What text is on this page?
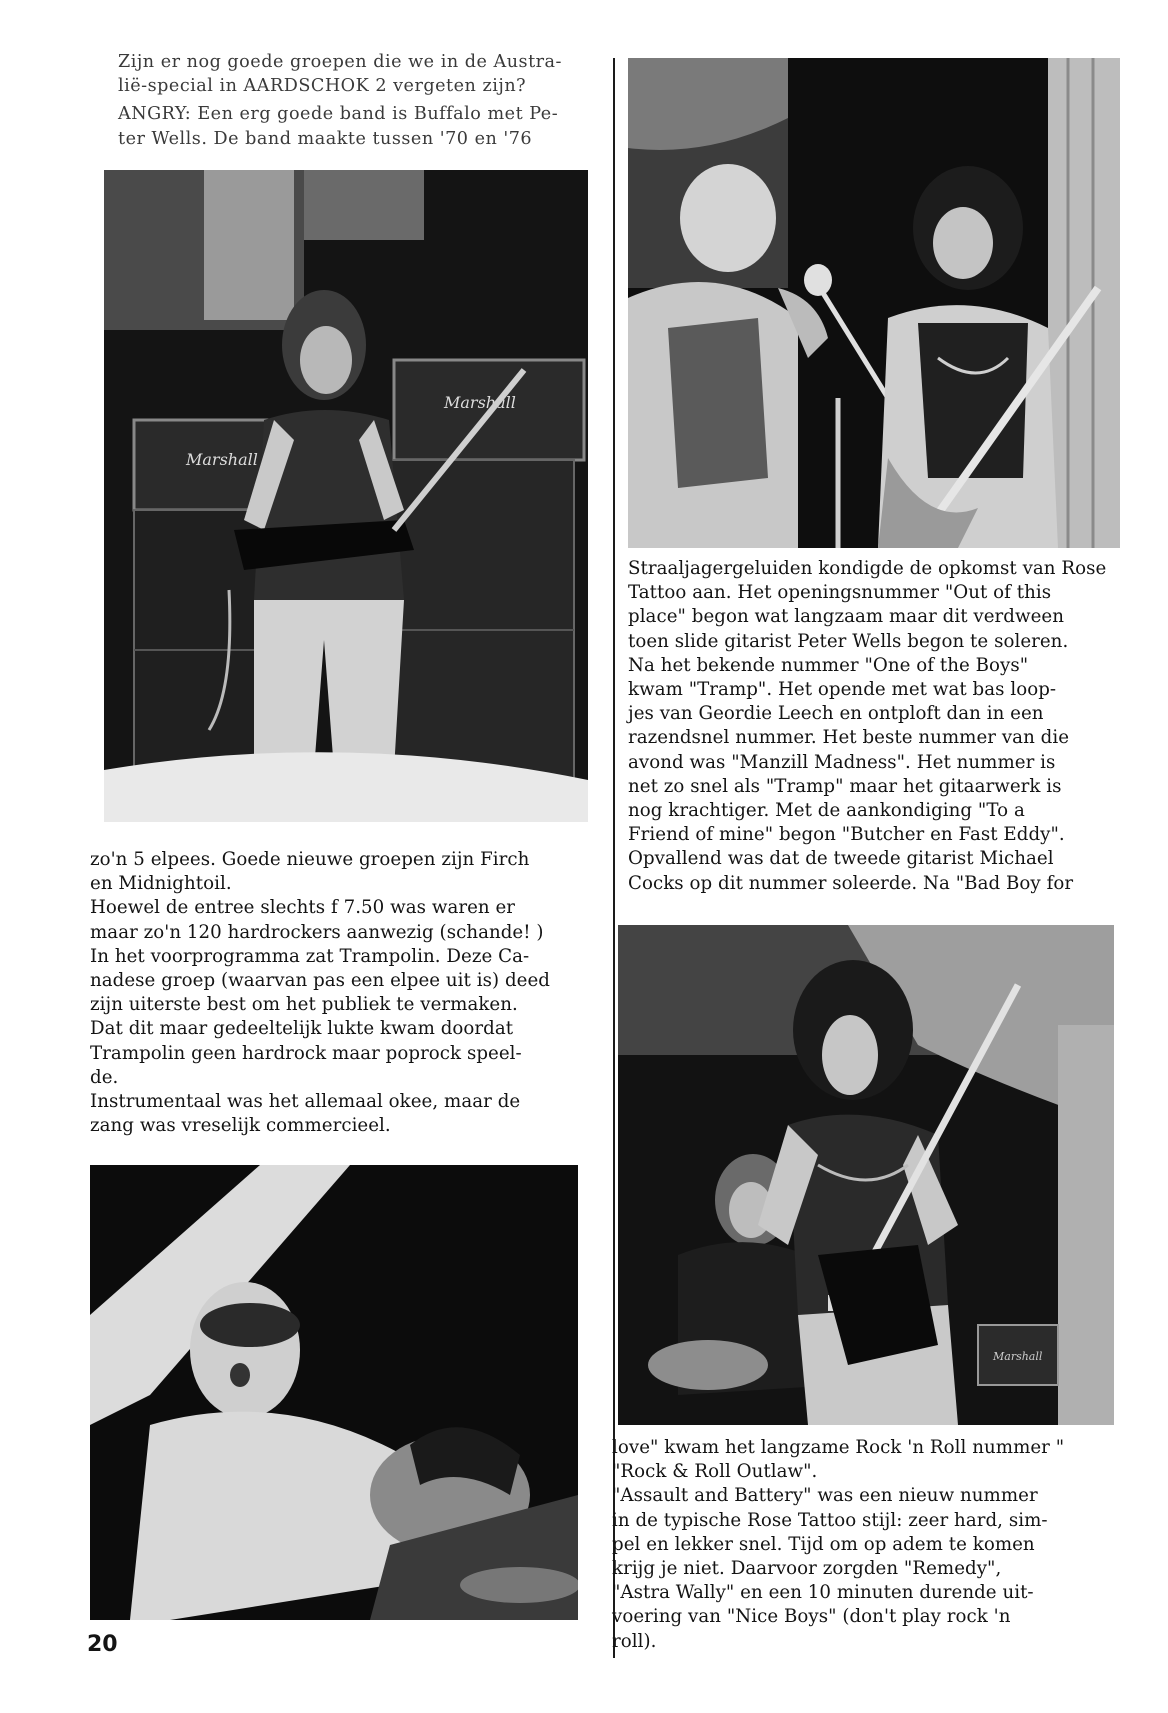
Zijn er nog goede groepen die we in de Austra-
lië-special in AARDSCHOK 2 vergeten zijn?

ANGRY: Een erg goede band is Buffalo met Pe-
ter Wells. De band maakte tussen '70 en '76

Marshall
Marshall

zo'n 5 elpees. Goede nieuwe groepen zijn Firch
en Midnightoil.

Hoewel de entree slechts f 7.50 was waren er
maar zo'n 120 hardrockers aanwezig (schande! )
In het voorprogramma zat Trampolin. Deze Ca-
nadese groep (waarvan pas een elpee uit is) deed
zijn uiterste best om het publiek te vermaken.
Dat dit maar gedeeltelijk lukte kwam doordat
Trampolin geen hardrock maar poprock speel-
de.

Instrumentaal was het allemaal okee, maar de
zang was vreselijk commercieel.

Straaljagergeluiden kondigde de opkomst van Rose
Tattoo aan. Het openingsnummer "Out of this
place" begon wat langzaam maar dit verdween
toen slide gitarist Peter Wells begon te soleren.
Na het bekende nummer "One of the Boys"
kwam "Tramp". Het opende met wat bas loop-
jes van Geordie Leech en ontploft dan in een
razendsnel nummer. Het beste nummer van die
avond was "Manzill Madness". Het nummer is
net zo snel als "Tramp" maar het gitaarwerk is
nog krachtiger. Met de aankondiging "To a
Friend of mine" begon "Butcher en Fast Eddy".
Opvallend was dat de tweede gitarist Michael
Cocks op dit nummer soleerde. Na "Bad Boy for

Marshall

love" kwam het langzame Rock 'n Roll nummer "
"Rock & Roll Outlaw".

"Assault and Battery" was een nieuw nummer
in de typische Rose Tattoo stijl: zeer hard, sim-
pel en lekker snel. Tijd om op adem te komen
krijg je niet. Daarvoor zorgden "Remedy",
"Astra Wally" en een 10 minuten durende uit-
voering van "Nice Boys" (don't play rock 'n
roll).

20
